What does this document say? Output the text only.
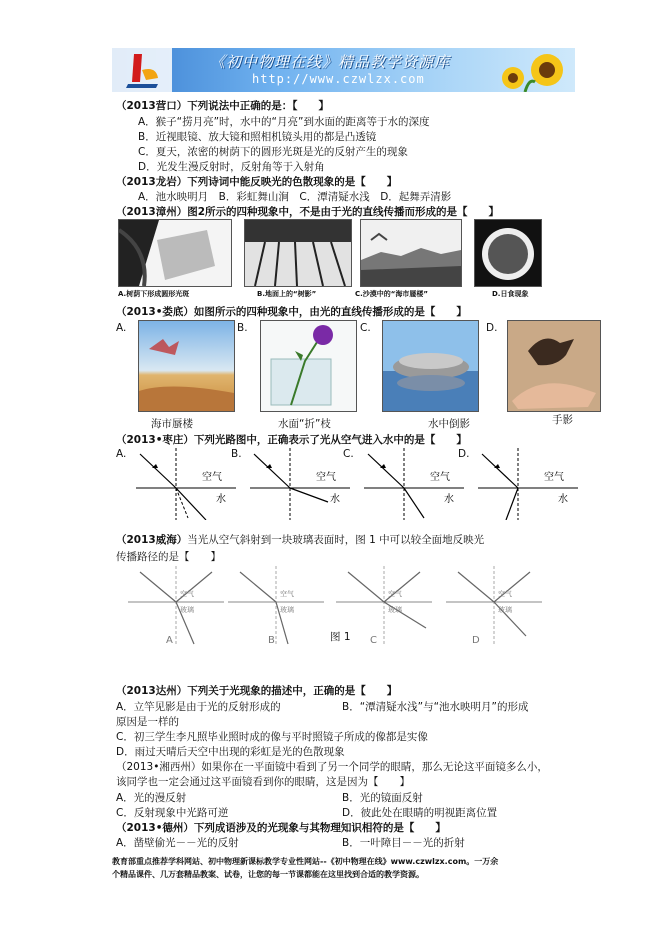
《初中物理在线》精品教学资源库
http://www.czwlzx.com
（2013营口）下列说法中正确的是：【　　】
A．猴子“捞月亮”时，水中的“月亮”到水面的距离等于水的深度
B．近视眼镜、放大镜和照相机镜头用的都是凸透镜
C．夏天，浓密的树荫下的圆形光斑是光的反射产生的现象
D．光发生漫反射时，反射角等于入射角
（2013龙岩）下列诗词中能反映光的色散现象的是【　　】
A．池水映明月　B．彩虹舞山涧　C．潭清疑水浅　D．起舞弄清影
（2013漳州）图2所示的四种现象中，不是由于光的直线传播而形成的是【　　】
A.树荫下形成圆形光斑	B.地面上的“树影”	C.沙漠中的“海市蜃楼”	D.日食现象
（2013•娄底）如图所示的四种现象中，由光的直线传播形成的是【　　】
A.	B.	C.	D.
海市蜃楼	水面“折”枝	水中倒影	手影
（2013•枣庄）下列光路图中，正确表示了光从空气进入水中的是【　　】
A.	B.	C.	D.
空气
水
空气
水
空气
水
空气
水
（2013威海）当光从空气斜射到一块玻璃表面时，图 1 中可以较全面地反映光
传播路径的是【　　】
空气
玻璃
空气
玻璃
空气
玻璃
空气
玻璃
A	B	C	D
图 1
（2013达州）下列关于光现象的描述中，正确的是【　　】
A．立竿见影是由于光的反射形成的	B．“潭清疑水浅”与“池水映明月”的形成
原因是一样的
C．初三学生李凡照毕业照时成的像与平时照镜子所成的像都是实像
D．雨过天晴后天空中出现的彩虹是光的色散现象
（2013•湘西州）如果你在一平面镜中看到了另一个同学的眼睛，那么无论这平面镜多么小，
该同学也一定会通过这平面镜看到你的眼睛，这是因为【　　】
A．光的漫反射	B．光的镜面反射
C．反射现象中光路可逆	D．彼此处在眼睛的明视距离位置
（2013•德州）下列成语涉及的光现象与其物理知识相符的是【　　】
A．凿壁偷光－－光的反射	B．一叶障目－－光的折射
教育部重点推荐学科网站、初中物理新课标教学专业性网站--《初中物理在线》www.czwlzx.com。一万余
个精品课件、几万套精品教案、试卷，让您的每一节课都能在这里找到合适的教学资源。
